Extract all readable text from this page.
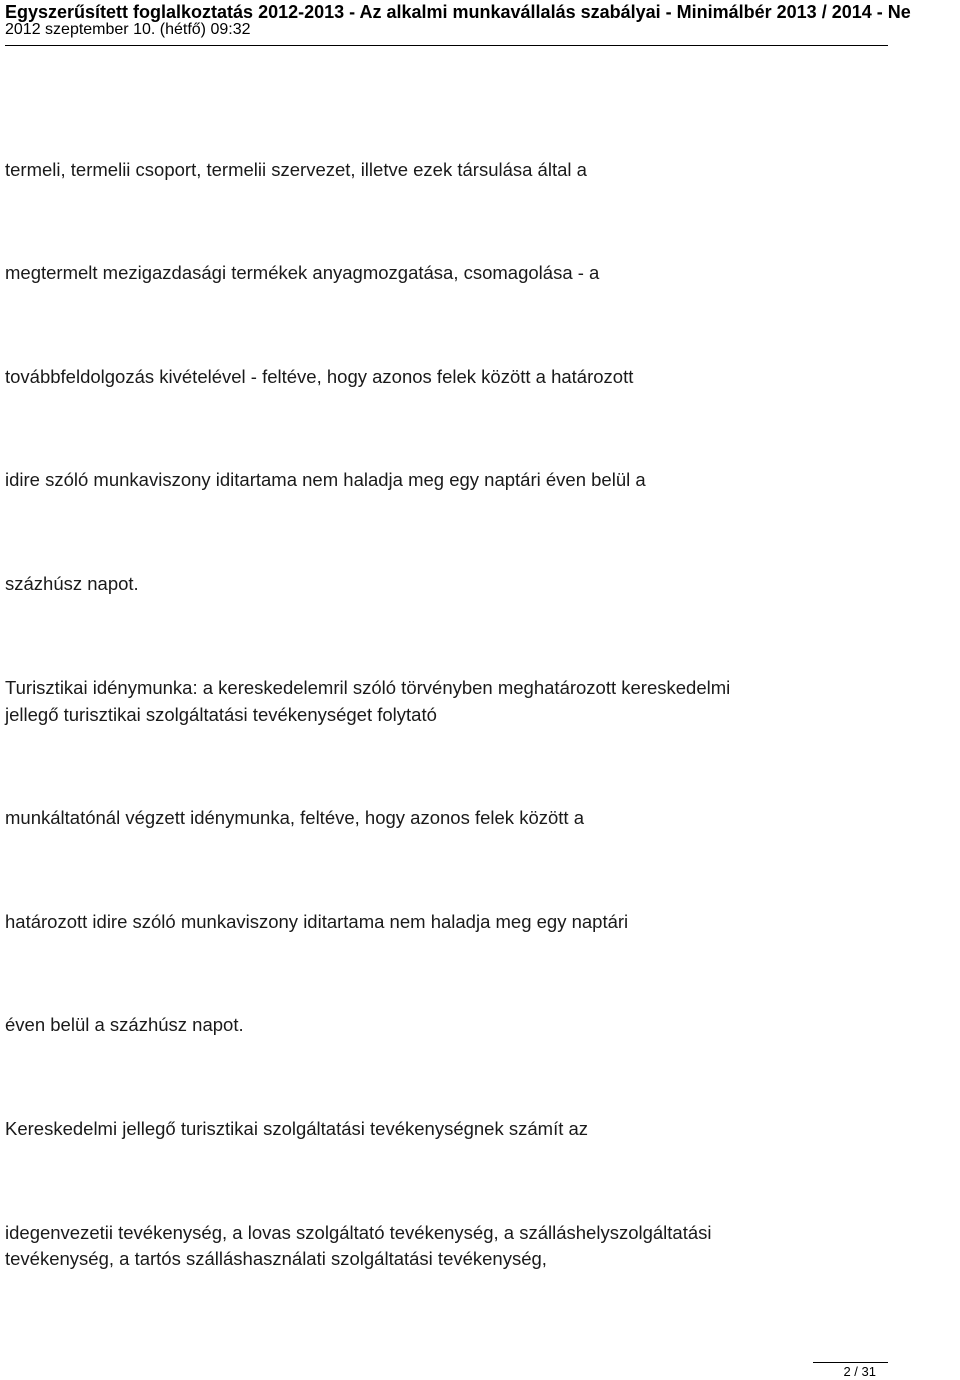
Egyszerűsített foglalkoztatás 2012-2013 - Az alkalmi munkavállalás szabályai - Minimálbér 2013 / 2014 - Ne
2012 szeptember 10. (hétfő) 09:32
termeli, termelii csoport, termelii szervezet, illetve ezek társulása által a
megtermelt mezigazdasági termékek anyagmozgatása, csomagolása - a
továbbfeldolgozás kivételével - feltéve, hogy azonos felek között a határozott
idire szóló munkaviszony iditartama nem haladja meg egy naptári éven belül a
százhúsz napot.
Turisztikai idénymunka: a kereskedelemril szóló törvényben meghatározott kereskedelmi
jellegő turisztikai szolgáltatási tevékenységet folytató
munkáltatónál végzett idénymunka, feltéve, hogy azonos felek között a
határozott idire szóló munkaviszony iditartama nem haladja meg egy naptári
éven belül a százhúsz napot.
Kereskedelmi jellegő turisztikai szolgáltatási tevékenységnek számít az
idegenvezetii tevékenység, a lovas szolgáltató tevékenység, a szálláshelyszolgáltatási
tevékenység, a tartós szálláshasználati szolgáltatási tevékenység,
2 / 31
